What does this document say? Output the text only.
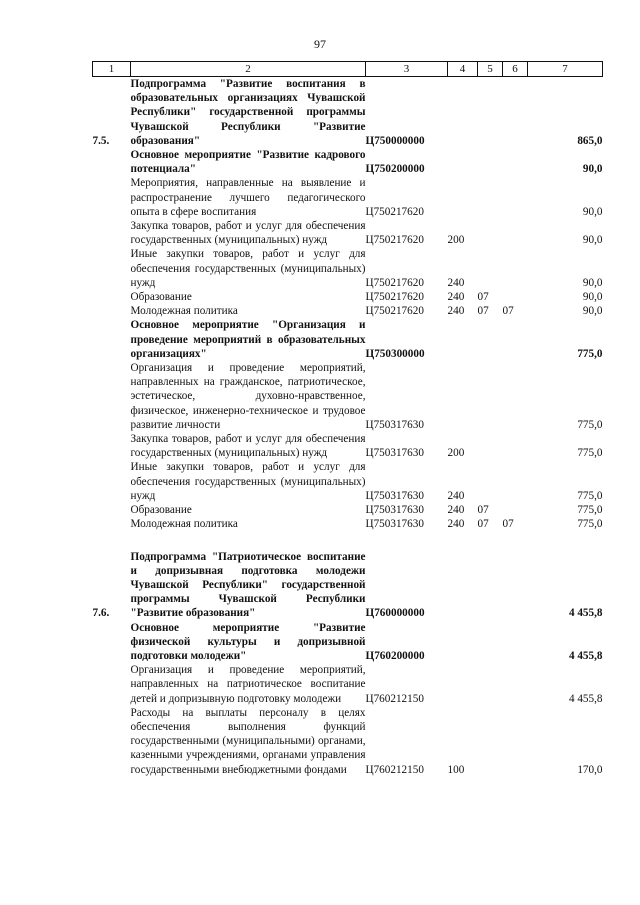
97
1	2	3	4	5	6	7
7.5.	Подпрограмма "Развитие воспитания в образовательных организациях Чувашской Республики" государственной программы Чувашской Республики "Развитие образования"	Ц750000000				865,0
	Основное мероприятие "Развитие кадрового потенциала"	Ц750200000				90,0
	Мероприятия, направленные на выявление и распространение лучшего педагогического опыта в сфере воспитания	Ц750217620				90,0
	Закупка товаров, работ и услуг для обеспечения государственных (муниципальных) нужд	Ц750217620	200			90,0
	Иные закупки товаров, работ и услуг для обеспечения государственных (муниципальных) нужд	Ц750217620	240			90,0
	Образование	Ц750217620	240	07		90,0
	Молодежная политика	Ц750217620	240	07	07	90,0
	Основное мероприятие "Организация и проведение мероприятий в образовательных организациях"	Ц750300000				775,0
	Организация и проведение мероприятий, направленных на гражданское, патриотическое, эстетическое, духовно-нравственное, физическое, инженерно-техническое и трудовое развитие личности	Ц750317630				775,0
	Закупка товаров, работ и услуг для обеспечения государственных (муниципальных) нужд	Ц750317630	200			775,0
	Иные закупки товаров, работ и услуг для обеспечения государственных (муниципальных) нужд	Ц750317630	240			775,0
	Образование	Ц750317630	240	07		775,0
	Молодежная политика	Ц750317630	240	07	07	775,0

7.6.	Подпрограмма "Патриотическое воспитание и допризывная подготовка молодежи Чувашской Республики" государственной программы Чувашской Республики "Развитие образования"	Ц760000000				4 455,8
	Основное мероприятие "Развитие физической культуры и допризывной подготовки молодежи"	Ц760200000				4 455,8
	Организация и проведение мероприятий, направленных на патриотическое воспитание детей и допризывную подготовку молодежи	Ц760212150				4 455,8
	Расходы на выплаты персоналу в целях обеспечения выполнения функций государственными (муниципальными) органами, казенными учреждениями, органами управления государственными внебюджетными фондами	Ц760212150	100			170,0
